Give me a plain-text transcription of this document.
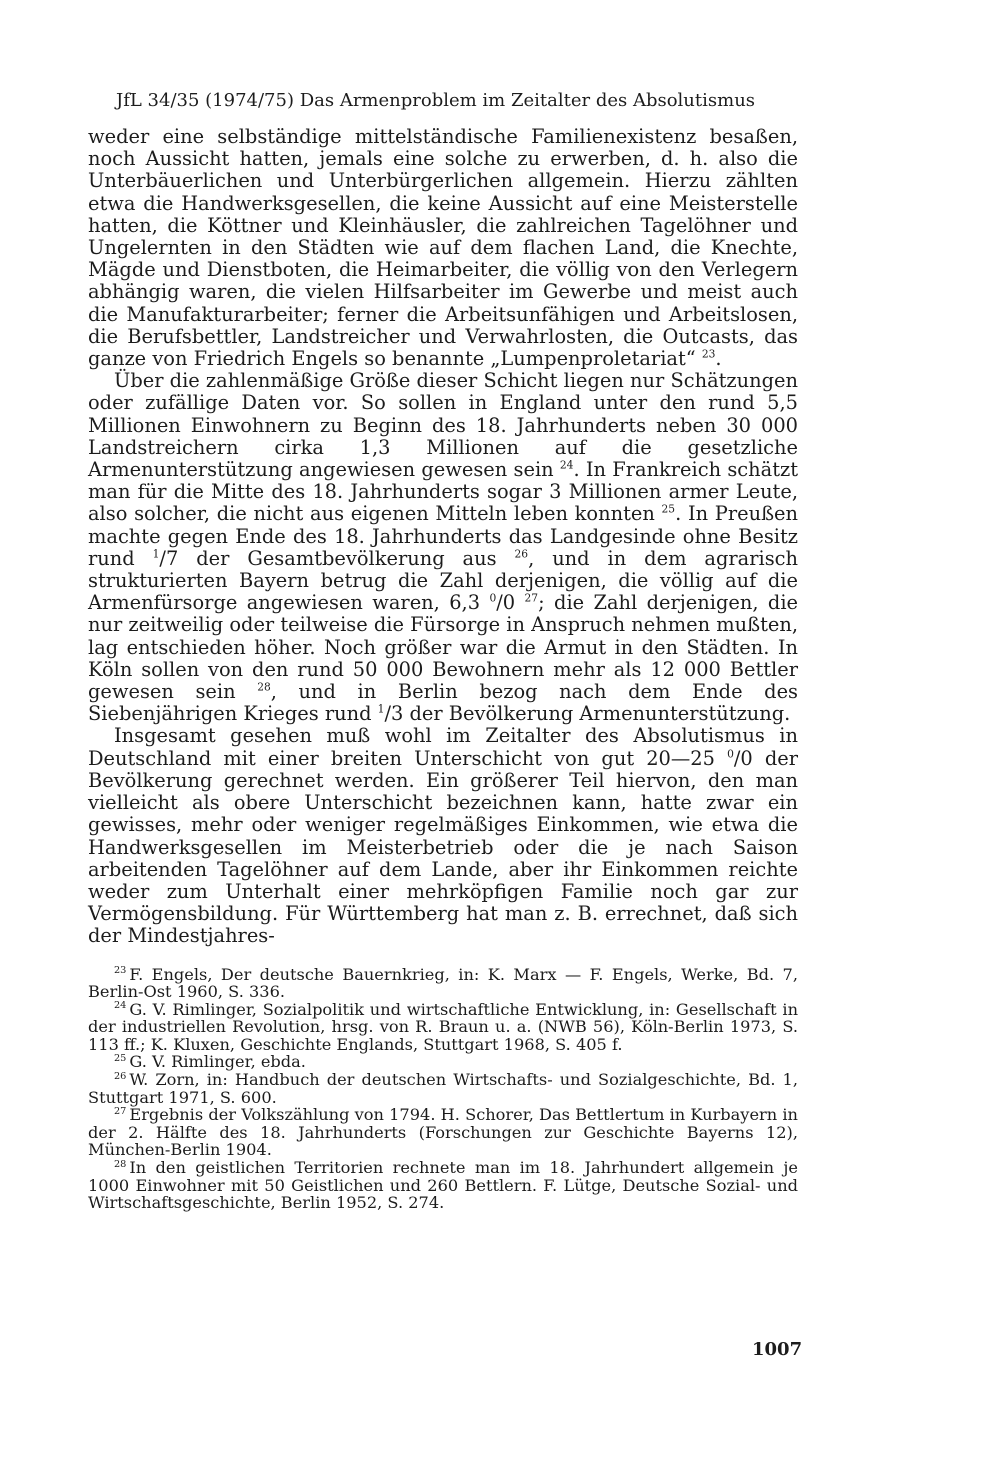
JfL 34/35 (1974/75) Das Armenproblem im Zeitalter des Absolutismus

weder eine selbständige mittelständische Familienexistenz besaßen, noch Aussicht hatten, jemals eine solche zu erwerben, d. h. also die Unterbäuerlichen und Unterbürgerlichen allgemein. Hierzu zählten etwa die Handwerksgesellen, die keine Aussicht auf eine Meisterstelle hatten, die Köttner und Kleinhäusler, die zahlreichen Tagelöhner und Ungelernten in den Städten wie auf dem flachen Land, die Knechte, Mägde und Dienstboten, die Heimarbeiter, die völlig von den Verlegern abhängig waren, die vielen Hilfsarbeiter im Gewerbe und meist auch die Manufakturarbeiter; ferner die Arbeitsunfähigen und Arbeitslosen, die Berufsbettler, Landstreicher und Verwahrlosten, die Outcasts, das ganze von Friedrich Engels so benannte „Lumpenproletariat“ $^{23}$.

Über die zahlenmäßige Größe dieser Schicht liegen nur Schätzungen oder zufällige Daten vor. So sollen in England unter den rund 5,5 Millionen Einwohnern zu Beginn des 18. Jahrhunderts neben 30 000 Landstreichern cirka 1,3 Millionen auf die gesetzliche Armenunterstützung angewiesen gewesen sein $^{24}$. In Frankreich schätzt man für die Mitte des 18. Jahrhunderts sogar 3 Millionen armer Leute, also solcher, die nicht aus eigenen Mitteln leben konnten $^{25}$. In Preußen machte gegen Ende des 18. Jahrhunderts das Landgesinde ohne Besitz rund $^1$/7 der Gesamtbevölkerung aus $^{26}$, und in dem agrarisch strukturierten Bayern betrug die Zahl derjenigen, die völlig auf die Armenfürsorge angewiesen waren, 6,3 $^0$/0 $^{27}$; die Zahl derjenigen, die nur zeitweilig oder teilweise die Fürsorge in Anspruch nehmen mußten, lag entschieden höher. Noch größer war die Armut in den Städten. In Köln sollen von den rund 50 000 Bewohnern mehr als 12 000 Bettler gewesen sein $^{28}$, und in Berlin bezog nach dem Ende des Siebenjährigen Krieges rund $^1$/3 der Bevölkerung Armenunterstützung.

Insgesamt gesehen muß wohl im Zeitalter des Absolutismus in Deutschland mit einer breiten Unterschicht von gut 20—25 $^0$/0 der Bevölkerung gerechnet werden. Ein größerer Teil hiervon, den man vielleicht als obere Unterschicht bezeichnen kann, hatte zwar ein gewisses, mehr oder weniger regelmäßiges Einkommen, wie etwa die Handwerksgesellen im Meisterbetrieb oder die je nach Saison arbeitenden Tagelöhner auf dem Lande, aber ihr Einkommen reichte weder zum Unterhalt einer mehrköpfigen Familie noch gar zur Vermögensbildung. Für Württemberg hat man z. B. errechnet, daß sich der Mindestjahres-

$^{23}$ F. Engels, Der deutsche Bauernkrieg, in: K. Marx — F. Engels, Werke, Bd. 7, Berlin-Ost 1960, S. 336.

$^{24}$ G. V. Rimlinger, Sozialpolitik und wirtschaftliche Entwicklung, in: Gesellschaft in der industriellen Revolution, hrsg. von R. Braun u. a. (NWB 56), Köln-Berlin 1973, S. 113 ff.; K. Kluxen, Geschichte Englands, Stuttgart 1968, S. 405 f.

$^{25}$ G. V. Rimlinger, ebda.

$^{26}$ W. Zorn, in: Handbuch der deutschen Wirtschafts- und Sozialgeschichte, Bd. 1, Stuttgart 1971, S. 600.

$^{27}$ Ergebnis der Volkszählung von 1794. H. Schorer, Das Bettlertum in Kurbayern in der 2. Hälfte des 18. Jahrhunderts (Forschungen zur Geschichte Bayerns 12), München-Berlin 1904.

$^{28}$ In den geistlichen Territorien rechnete man im 18. Jahrhundert allgemein je 1000 Einwohner mit 50 Geistlichen und 260 Bettlern. F. Lütge, Deutsche Sozial- und Wirtschaftsgeschichte, Berlin 1952, S. 274.

1007
